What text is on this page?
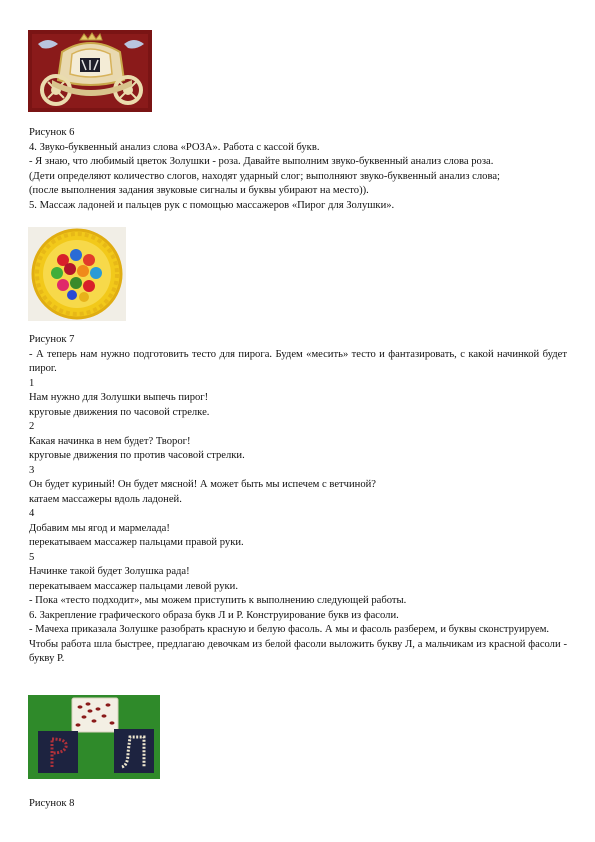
Рисунок 6
4. Звуко-буквенный анализ слова «РОЗА». Работа с кассой букв.
- Я знаю, что любимый цветок Золушки - роза. Давайте выполним звуко-буквенный анализ слова роза.
(Дети определяют количество слогов, находят ударный слог; выполняют звуко-буквенный анализ слова;
(после выполнения задания звуковые сигналы и буквы убирают на место)).
5. Массаж ладоней и пальцев рук с помощью массажеров «Пирог для Золушки».
Рисунок 7
- А теперь нам нужно подготовить тесто для пирога. Будем «месить» тесто и фантазировать, с какой начинкой будет пирог.
1
Нам нужно для Золушки выпечь пирог!
круговые движения по часовой стрелке.
2
Какая начинка в нем будет? Творог!
круговые движения по против часовой стрелки.
3
Он будет куриный! Он будет мясной! А может быть мы испечем с ветчиной?
катаем массажеры вдоль ладоней.
4
Добавим мы ягод и мармелада!
перекатываем массажер пальцами правой руки.
5
Начинке такой будет Золушка рада!
перекатываем массажер пальцами левой руки.
- Пока «тесто подходит», мы можем приступить к выполнению следующей работы.
6. Закрепление графического образа букв Л и Р. Конструирование букв из фасоли.
- Мачеха приказала Золушке разобрать красную и белую фасоль. А мы и фасоль разберем, и буквы сконструируем.
Чтобы работа шла быстрее, предлагаю девочкам из белой фасоли выложить букву Л, а мальчикам из красной фасоли - букву Р.
Рисунок 8
